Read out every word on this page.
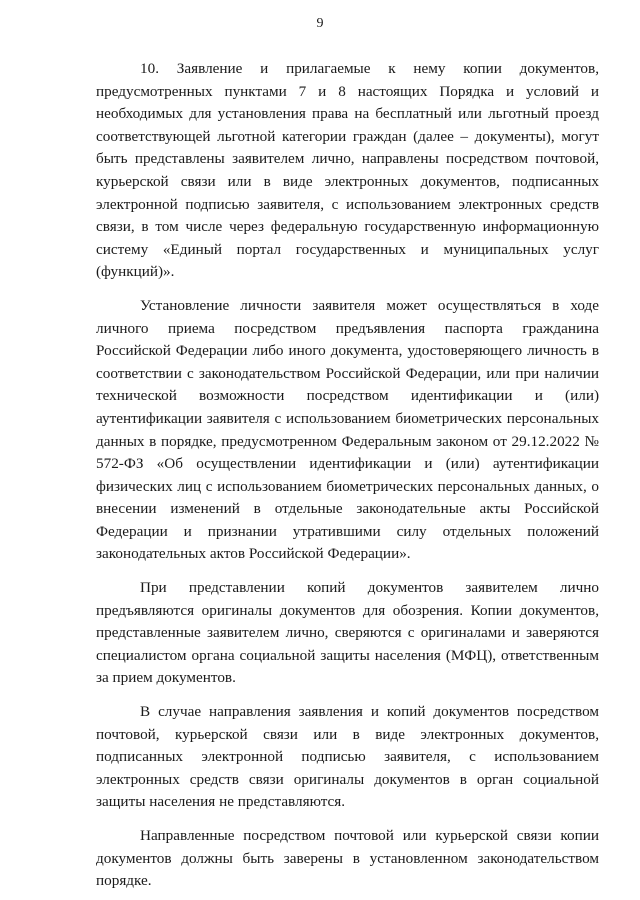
9

10. Заявление и прилагаемые к нему копии документов, предусмотренных пунктами 7 и 8 настоящих Порядка и условий и необходимых для установления права на бесплатный или льготный проезд соответствующей льготной категории граждан (далее – документы), могут быть представлены заявителем лично, направлены посредством почтовой, курьерской связи или в виде электронных документов, подписанных электронной подписью заявителя, с использованием электронных средств связи, в том числе через федеральную государственную информационную систему «Единый портал государственных и муниципальных услуг (функций)».

Установление личности заявителя может осуществляться в ходе личного приема посредством предъявления паспорта гражданина Российской Федерации либо иного документа, удостоверяющего личность в соответствии с законодательством Российской Федерации, или при наличии технической возможности посредством идентификации и (или) аутентификации заявителя с использованием биометрических персональных данных в порядке, предусмотренном Федеральным законом от 29.12.2022 № 572-ФЗ «Об осуществлении идентификации и (или) аутентификации физических лиц с использованием биометрических персональных данных, о внесении изменений в отдельные законодательные акты Российской Федерации и признании утратившими силу отдельных положений законодательных актов Российской Федерации».

При представлении копий документов заявителем лично предъявляются оригиналы документов для обозрения. Копии документов, представленные заявителем лично, сверяются с оригиналами и заверяются специалистом органа социальной защиты населения (МФЦ), ответственным за прием документов.

В случае направления заявления и копий документов посредством почтовой, курьерской связи или в виде электронных документов, подписанных электронной подписью заявителя, с использованием электронных средств связи оригиналы документов в орган социальной защиты населения не представляются.

Направленные посредством почтовой или курьерской связи копии документов должны быть заверены в установленном законодательством порядке.
